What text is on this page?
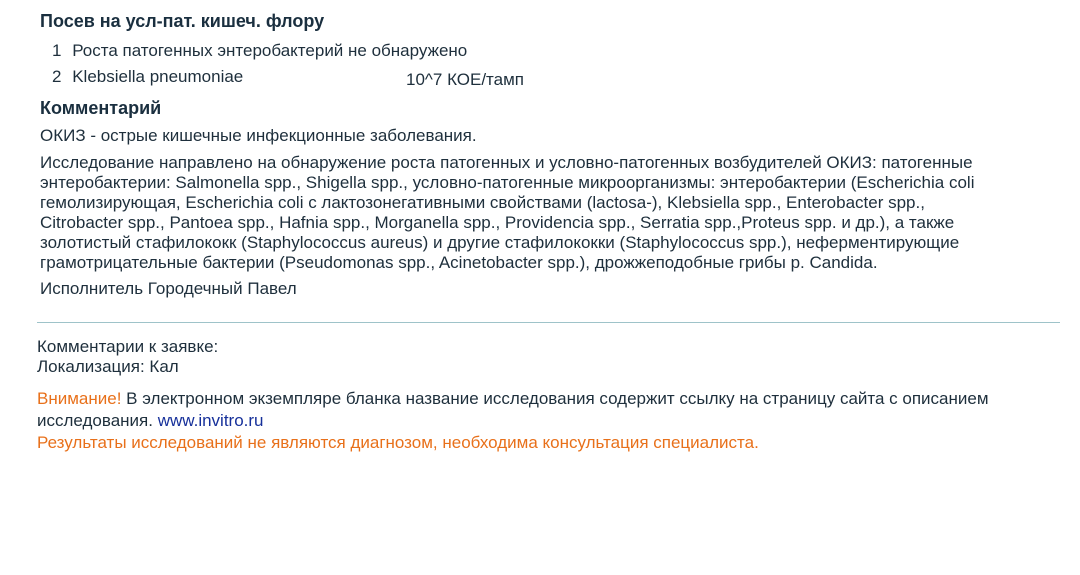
Посев на усл-пат. кишеч. флору
1 Роста патогенных энтеробактерий не обнаружено
2 Klebsiella pneumoniae	10^7 КОЕ/тамп
Комментарий
ОКИЗ - острые кишечные инфекционные заболевания.
Исследование направлено на обнаружение роста патогенных и условно-патогенных возбудителей ОКИЗ: патогенные
энтеробактерии: Salmonella spp., Shigella spp., условно-патогенные микроорганизмы: энтеробактерии (Escherichia coli
гемолизирующая, Escherichia coli с лактозонегативными свойствами (lactosa-), Klebsiella spp., Enterobacter spp.,
Citrobacter spp., Pantoea spp., Hafnia spp., Morganella spp., Providencia spp., Serratia spp.,Proteus spp. и др.), а также
золотистый стафилококк (Staphylococcus aureus) и другие стафилококки (Staphylococcus spp.), неферментирующие
грамотрицательные бактерии (Pseudomonas spp., Acinetobacter spp.), дрожжеподобные грибы р. Candida.
Исполнитель Городечный Павел
Комментарии к заявке:
Локализация: Кал
Внимание! В электронном экземпляре бланка название исследования содержит ссылку на страницу сайта с описанием
исследования. www.invitro.ru
Результаты исследований не являются диагнозом, необходима консультация специалиста.
